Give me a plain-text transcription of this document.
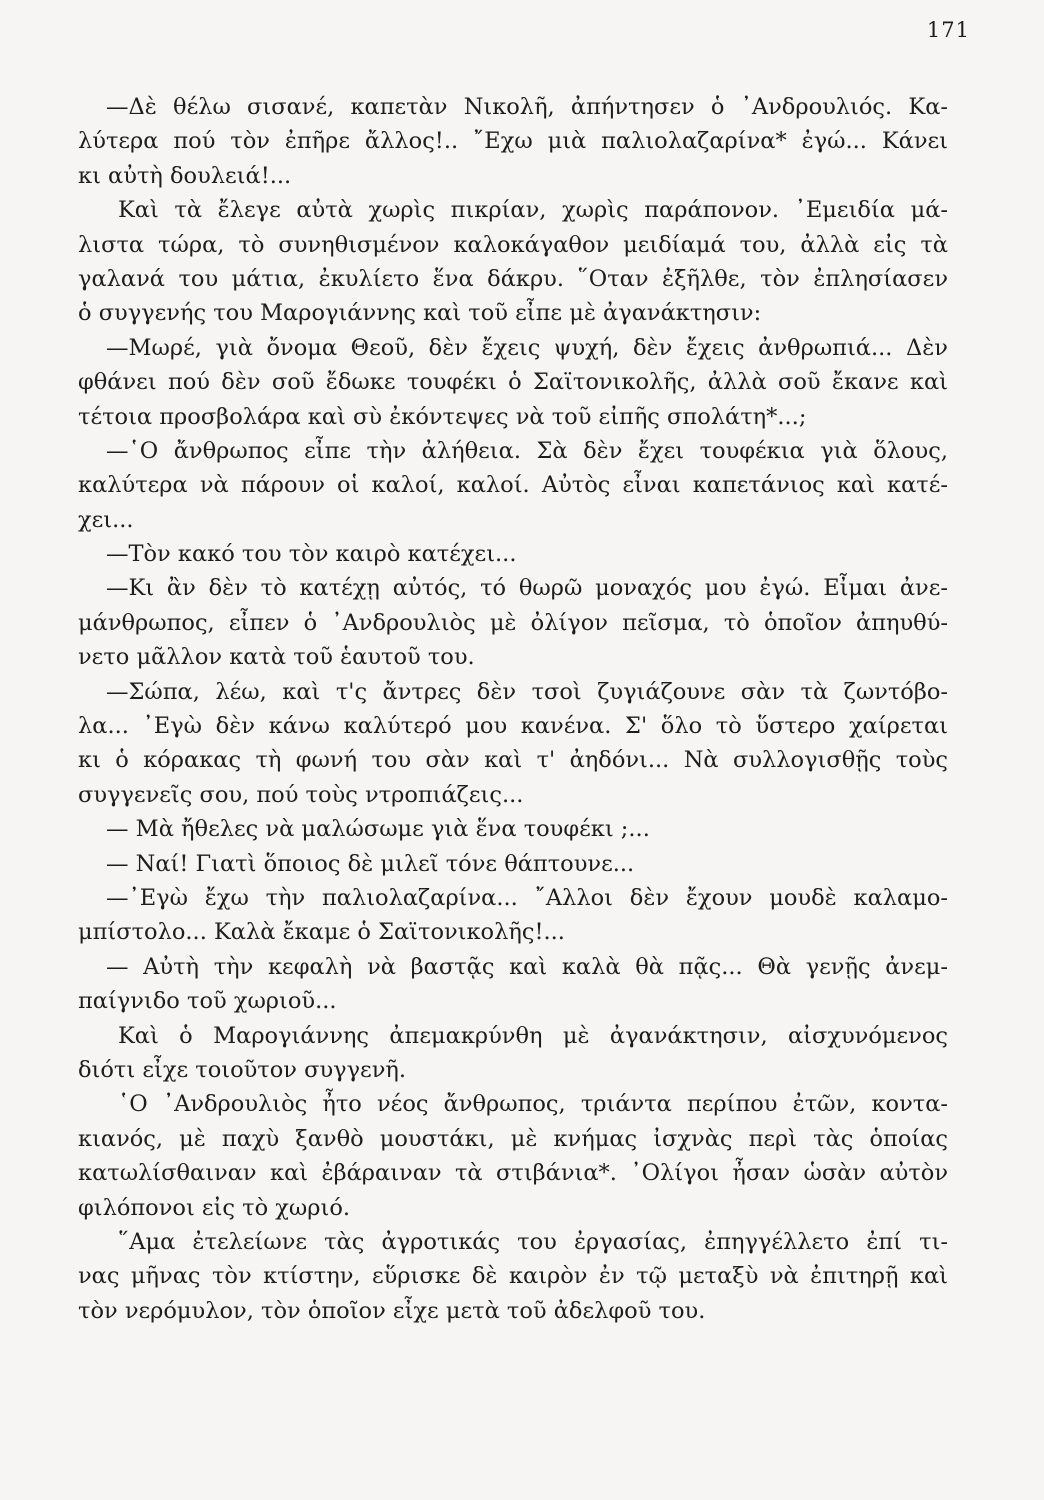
171
—Δὲ θέλω σισανέ, καπετὰν Νικολῆ, ἀπήντησεν ὁ ᾿Ανδρουλιός. Κα-
λύτερα πού τὸν ἐπῆρε ἄλλος!.. ῎Εχω μιὰ παλιολαζαρίνα* ἐγώ... Κάνει
κι αὐτὴ δουλειά!...
Καὶ τὰ ἔλεγε αὐτὰ χωρὶς πικρίαν, χωρὶς παράπονον. ᾿Εμειδία μά-
λιστα τώρα, τὸ συνηθισμένον καλοκάγαθον μειδίαμά του, ἀλλὰ εἰς τὰ
γαλανά του μάτια, ἐκυλίετο ἕνα δάκρυ. ῞Οταν ἐξῆλθε, τὸν ἐπλησίασεν
ὁ συγγενής του Μαρογιάννης καὶ τοῦ εἶπε μὲ ἀγανάκτησιν:
—Μωρέ, γιὰ ὄνομα Θεοῦ, δὲν ἔχεις ψυχή, δὲν ἔχεις ἀνθρωπιά... Δὲν
φθάνει πού δὲν σοῦ ἔδωκε τουφέκι ὁ Σαϊτονικολῆς, ἀλλὰ σοῦ ἔκανε καὶ
τέτοια προσβολάρα καὶ σὺ ἐκόντεψες νὰ τοῦ εἰπῆς σπολάτη*...;
—῾Ο ἄνθρωπος εἶπε τὴν ἀλήθεια. Σὰ δὲν ἔχει τουφέκια γιὰ ὅλους,
καλύτερα νὰ πάρουν οἱ καλοί, καλοί. Αὐτὸς εἶναι καπετάνιος καὶ κατέ-
χει...
—Τὸν κακό του τὸν καιρὸ κατέχει...
—Κι ἂν δὲν τὸ κατέχῃ αὐτός, τό θωρῶ μοναχός μου ἐγώ. Εἶμαι ἀνε-
μάνθρωπος, εἶπεν ὁ ᾿Ανδρουλιὸς μὲ ὀλίγον πεῖσμα, τὸ ὁποῖον ἀπηυθύ-
νετο μᾶλλον κατὰ τοῦ ἑαυτοῦ του.
—Σώπα, λέω, καὶ τ'ς ἄντρες δὲν τσοὶ ζυγιάζουνε σὰν τὰ ζωντόβο-
λα... ᾿Εγὼ δὲν κάνω καλύτερό μου κανένα. Σ' ὅλο τὸ ὕστερο χαίρεται
κι ὁ κόρακας τὴ φωνή του σὰν καὶ τ' ἀηδόνι... Νὰ συλλογισθῇς τοὺς
συγγενεῖς σου, πού τοὺς ντροπιάζεις...
— Μὰ ἤθελες νὰ μαλώσωμε γιὰ ἕνα τουφέκι ;...
— Ναί! Γιατὶ ὅποιος δὲ μιλεῖ τόνε θάπτουνε...
—᾿Εγὼ ἔχω τὴν παλιολαζαρίνα... ῎Αλλοι δὲν ἔχουν μουδὲ καλαμο-
μπίστολο... Καλὰ ἔκαμε ὁ Σαϊτονικολῆς!...
— Αὐτὴ τὴν κεφαλὴ νὰ βαστᾷς καὶ καλὰ θὰ πᾷς... Θὰ γενῇς ἀνεμ-
παίγνιδο τοῦ χωριοῦ...
Καὶ ὁ Μαρογιάννης ἀπεμακρύνθη μὲ ἀγανάκτησιν, αἰσχυνόμενος
διότι εἶχε τοιοῦτον συγγενῆ.
῾Ο ᾿Ανδρουλιὸς ἦτο νέος ἄνθρωπος, τριάντα περίπου ἐτῶν, κοντα-
κιανός, μὲ παχὺ ξανθὸ μουστάκι, μὲ κνήμας ἰσχνὰς περὶ τὰς ὁποίας
κατωλίσθαιναν καὶ ἐβάραιναν τὰ στιβάνια*. ᾿Ολίγοι ἦσαν ὡσὰν αὐτὸν
φιλόπονοι εἰς τὸ χωριό.
῞Αμα ἐτελείωνε τὰς ἀγροτικάς του ἐργασίας, ἐπηγγέλλετο ἐπί τι-
νας μῆνας τὸν κτίστην, εὕρισκε δὲ καιρὸν ἐν τῷ μεταξὺ νὰ ἐπιτηρῇ καὶ
τὸν νερόμυλον, τὸν ὁποῖον εἶχε μετὰ τοῦ ἀδελφοῦ του.
